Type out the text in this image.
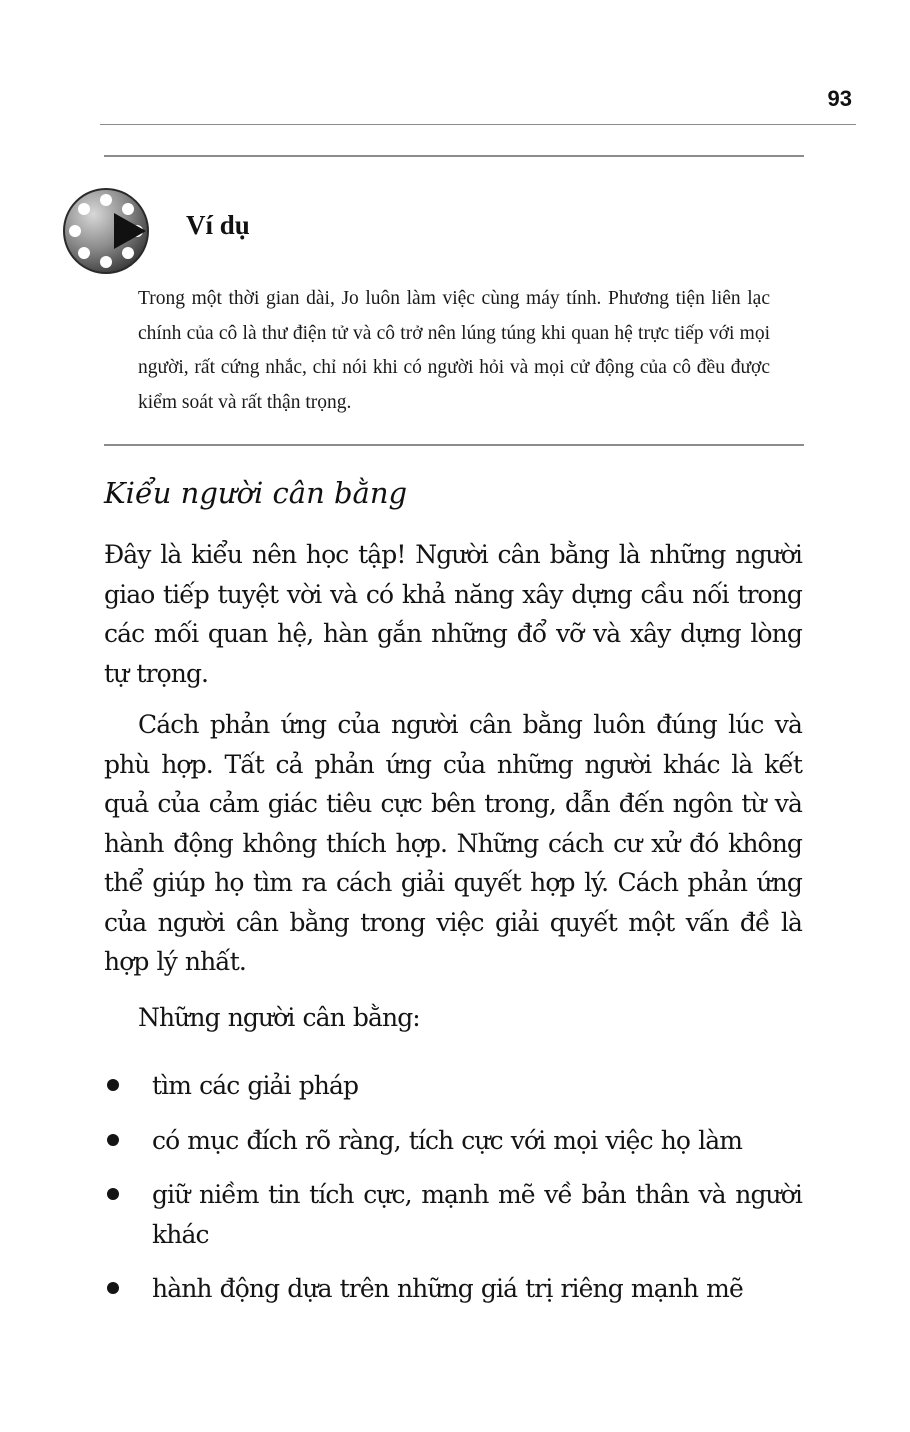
93
Ví dụ
Trong một thời gian dài, Jo luôn làm việc cùng máy tính. Phương tiện liên lạc chính của cô là thư điện tử và cô trở nên lúng túng khi quan hệ trực tiếp với mọi người, rất cứng nhắc, chỉ nói khi có người hỏi và mọi cử động của cô đều được kiểm soát và rất thận trọng.
Kiểu người cân bằng

Đây là kiểu nên học tập! Người cân bằng là những người giao tiếp tuyệt vời và có khả năng xây dựng cầu nối trong các mối quan hệ, hàn gắn những đổ vỡ và xây dựng lòng tự trọng.

Cách phản ứng của người cân bằng luôn đúng lúc và phù hợp. Tất cả phản ứng của những người khác là kết quả của cảm giác tiêu cực bên trong, dẫn đến ngôn từ và hành động không thích hợp. Những cách cư xử đó không thể giúp họ tìm ra cách giải quyết hợp lý. Cách phản ứng của người cân bằng trong việc giải quyết một vấn đề là hợp lý nhất.

Những người cân bằng:

tìm các giải pháp
có mục đích rõ ràng, tích cực với mọi việc họ làm
giữ niềm tin tích cực, mạnh mẽ về bản thân và người khác
hành động dựa trên những giá trị riêng mạnh mẽ
